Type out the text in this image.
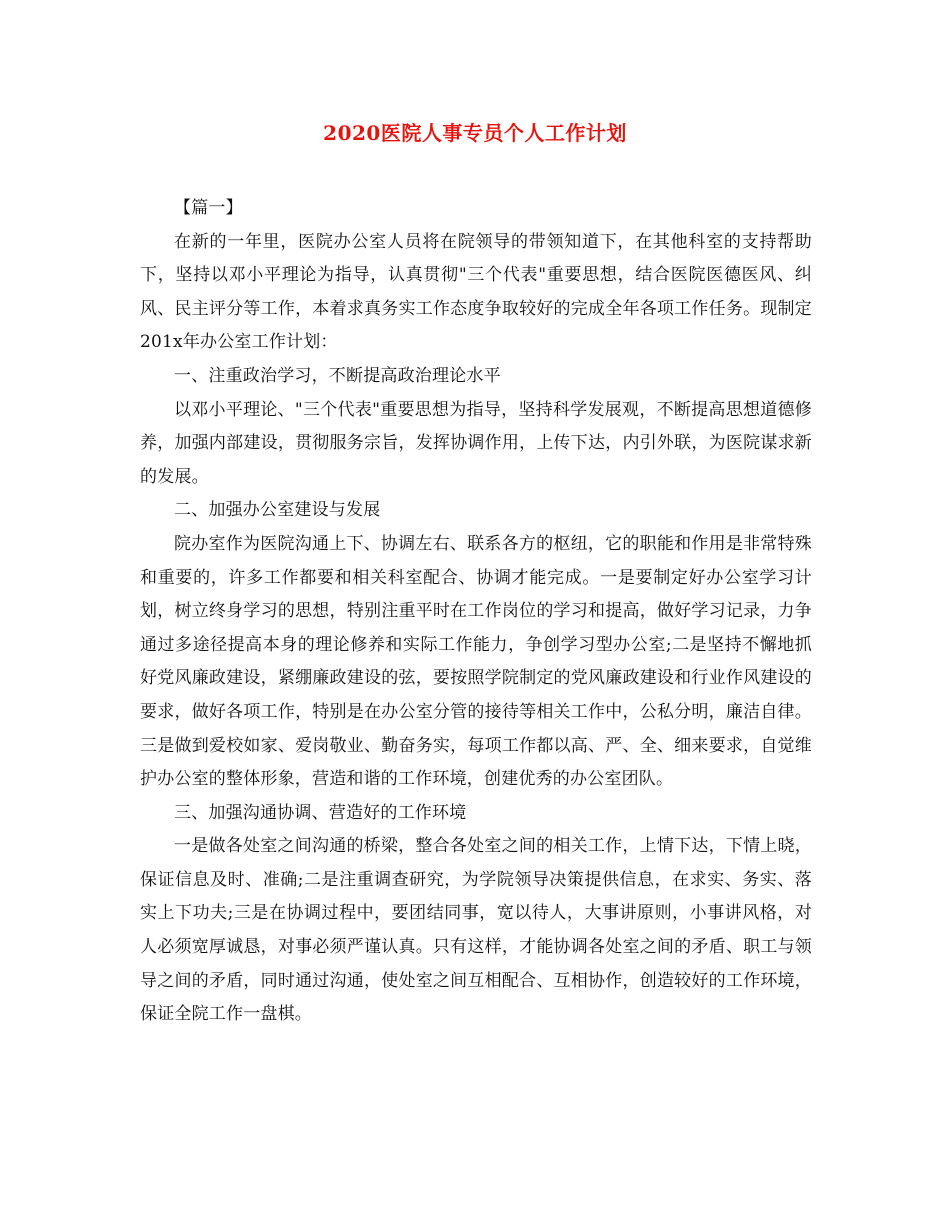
2020医院人事专员个人工作计划

【篇一】

在新的一年里，医院办公室人员将在院领导的带领知道下，在其他科室的支持帮助下，坚持以邓小平理论为指导，认真贯彻"三个代表"重要思想，结合医院医德医风、纠风、民主评分等工作，本着求真务实工作态度争取较好的完成全年各项工作任务。现制定201x年办公室工作计划：

一、注重政治学习，不断提高政治理论水平

以邓小平理论、"三个代表"重要思想为指导，坚持科学发展观，不断提高思想道德修养，加强内部建设，贯彻服务宗旨，发挥协调作用，上传下达，内引外联，为医院谋求新的发展。

二、加强办公室建设与发展

院办室作为医院沟通上下、协调左右、联系各方的枢纽，它的职能和作用是非常特殊和重要的，许多工作都要和相关科室配合、协调才能完成。一是要制定好办公室学习计划，树立终身学习的思想，特别注重平时在工作岗位的学习和提高，做好学习记录，力争通过多途径提高本身的理论修养和实际工作能力，争创学习型办公室;二是坚持不懈地抓好党风廉政建设，紧绷廉政建设的弦，要按照学院制定的党风廉政建设和行业作风建设的要求，做好各项工作，特别是在办公室分管的接待等相关工作中，公私分明，廉洁自律。三是做到爱校如家、爱岗敬业、勤奋务实，每项工作都以高、严、全、细来要求，自觉维护办公室的整体形象，营造和谐的工作环境，创建优秀的办公室团队。

三、加强沟通协调、营造好的工作环境

一是做各处室之间沟通的桥梁，整合各处室之间的相关工作，上情下达，下情上晓，保证信息及时、准确;二是注重调查研究，为学院领导决策提供信息，在求实、务实、落实上下功夫;三是在协调过程中，要团结同事，宽以待人，大事讲原则，小事讲风格，对人必须宽厚诚恳，对事必须严谨认真。只有这样，才能协调各处室之间的矛盾、职工与领导之间的矛盾，同时通过沟通，使处室之间互相配合、互相协作，创造较好的工作环境，保证全院工作一盘棋。
